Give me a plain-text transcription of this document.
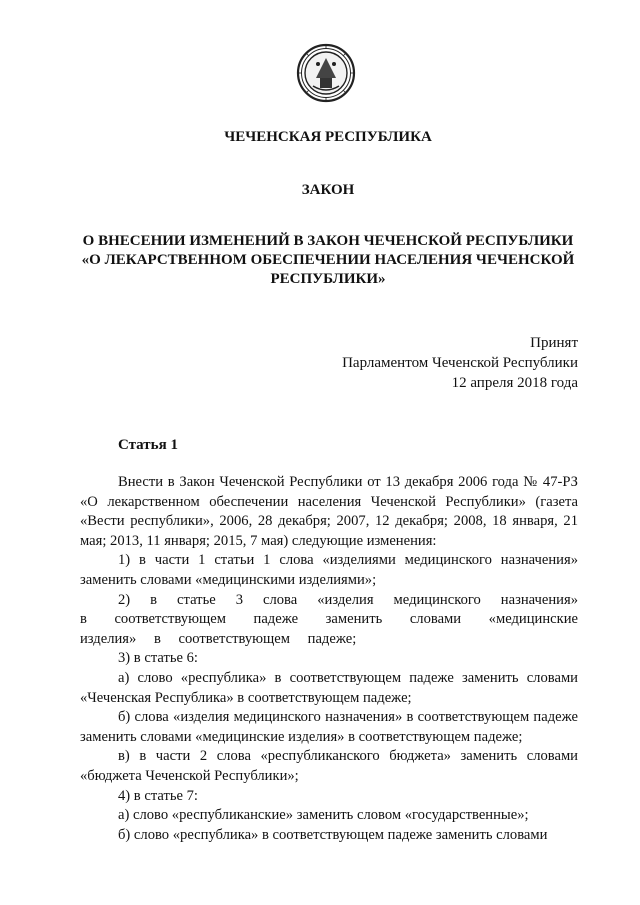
ЧЕЧЕНСКАЯ РЕСПУБЛИКА
ЗАКОН
О ВНЕСЕНИИ ИЗМЕНЕНИЙ В ЗАКОН ЧЕЧЕНСКОЙ РЕСПУБЛИКИ
«О ЛЕКАРСТВЕННОМ ОБЕСПЕЧЕНИИ НАСЕЛЕНИЯ ЧЕЧЕНСКОЙ
РЕСПУБЛИКИ»
Принят
Парламентом Чеченской Республики
12 апреля 2018 года
Статья 1

Внести в Закон Чеченской Республики от 13 декабря 2006 года № 47-РЗ «О лекарственном обеспечении населения Чеченской Республики» (газета «Вести республики», 2006, 28 декабря; 2007, 12 декабря; 2008, 18 января, 21 мая; 2013, 11 января; 2015, 7 мая) следующие изменения:

1) в части 1 статьи 1 слова «изделиями медицинского назначения» заменить словами «медицинскими изделиями»;

2) в статье 3 слова «изделия медицинского назначения» в соответствующем падеже заменить словами «медицинские изделия» в соответствующем падеже;

3) в статье 6:

а) слово «республика» в соответствующем падеже заменить словами «Чеченская Республика» в соответствующем падеже;

б) слова «изделия медицинского назначения» в соответствующем падеже заменить словами «медицинские изделия» в соответствующем падеже;

в) в части 2 слова «республиканского бюджета» заменить словами «бюджета Чеченской Республики»;

4) в статье 7:

а) слово «республиканские» заменить словом «государственные»;

б) слово «республика» в соответствующем падеже заменить словами
